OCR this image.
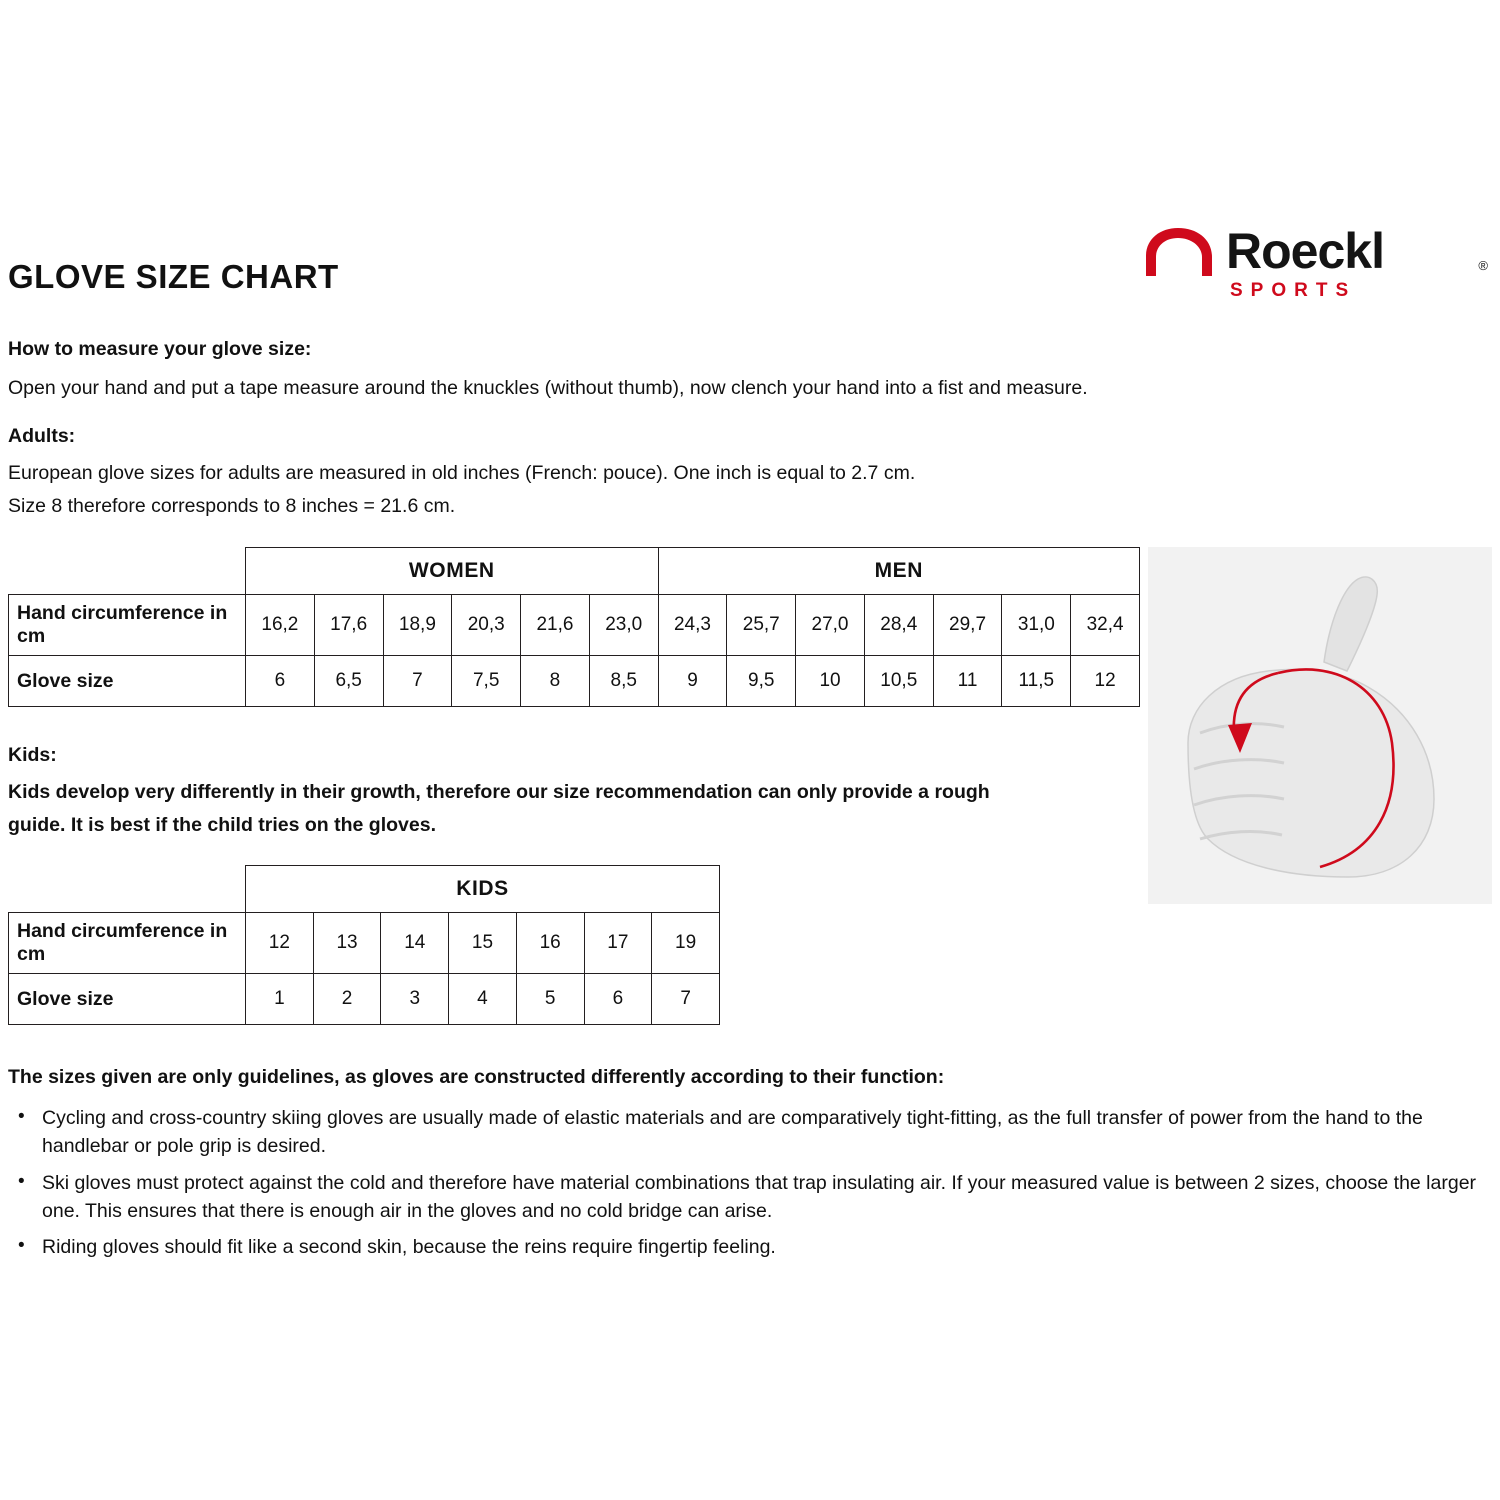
GLOVE SIZE CHART	Roeckl	®
SPORTS
How to measure your glove size:
Open your hand and put a tape measure around the knuckles (without thumb), now clench your hand into a fist and measure.
Adults:
European glove sizes for adults are measured in old inches (French: pouce). One inch is equal to 2.7 cm.
Size 8 therefore corresponds to 8 inches = 21.6 cm.
	WOMEN						MEN						
Hand circumference in cm	16,2	17,6	18,9	20,3	21,6	23,0	24,3	25,7	27,0	28,4	29,7	31,0	32,4
Glove size	6	6,5	7	7,5	8	8,5	9	9,5	10	10,5	11	11,5	12
Kids:
Kids develop very differently in their growth, therefore our size recommendation can only provide a rough
guide. It is best if the child tries on the gloves.
	KIDS						
Hand circumference in cm	12	13	14	15	16	17	19
Glove size	1	2	3	4	5	6	7
The sizes given are only guidelines, as gloves are constructed differently according to their function:
• Cycling and cross-country skiing gloves are usually made of elastic materials and are comparatively tight-fitting, as the full transfer of power from the hand to the handlebar or pole grip is desired.
• Ski gloves must protect against the cold and therefore have material combinations that trap insulating air. If your measured value is between 2 sizes, choose the larger one. This ensures that there is enough air in the gloves and no cold bridge can arise.
• Riding gloves should fit like a second skin, because the reins require fingertip feeling.
